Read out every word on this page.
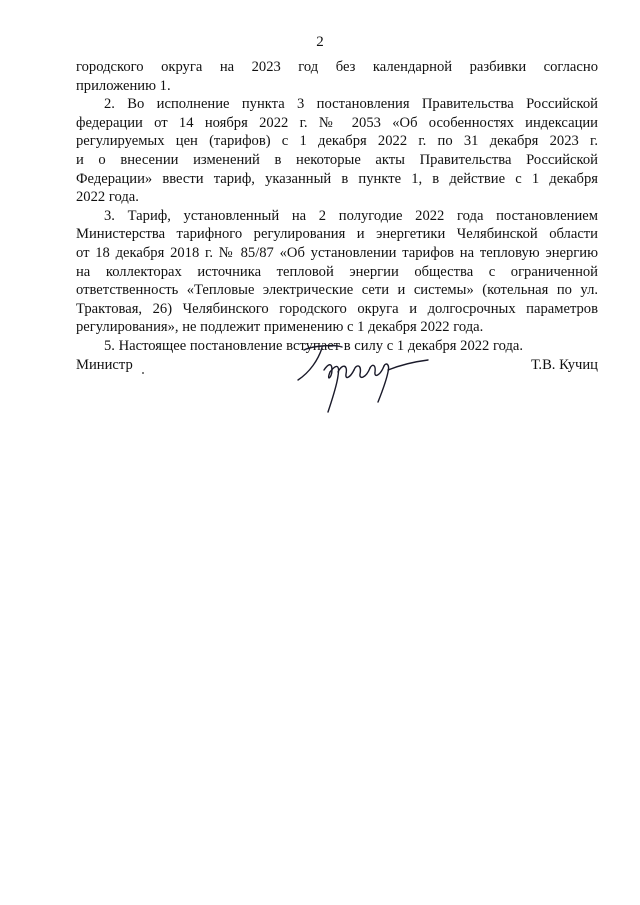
2
городского округа на 2023 год без календарной разбивки согласно
приложению 1.
2. Во исполнение пункта 3 постановления Правительства Российской
федерации от 14 ноября 2022 г. № 2053 «Об особенностях индексации
регулируемых цен (тарифов) с 1 декабря 2022 г. по 31 декабря 2023 г.
и о внесении изменений в некоторые акты Правительства Российской
Федерации» ввести тариф, указанный в пункте 1, в действие с 1 декабря
2022 года.
3. Тариф, установленный на 2 полугодие 2022 года постановлением
Министерства тарифного регулирования и энергетики Челябинской области
от 18 декабря 2018 г. № 85/87 «Об установлении тарифов на тепловую энергию
на коллекторах источника тепловой энергии общества с ограниченной
ответственность «Тепловые электрические сети и системы» (котельная по ул.
Трактовая, 26) Челябинского городского округа и долгосрочных параметров
регулирования», не подлежит применению с 1 декабря 2022 года.
5. Настоящее постановление вступает в силу с 1 декабря 2022 года.
Министр	Т.В. Кучиц
